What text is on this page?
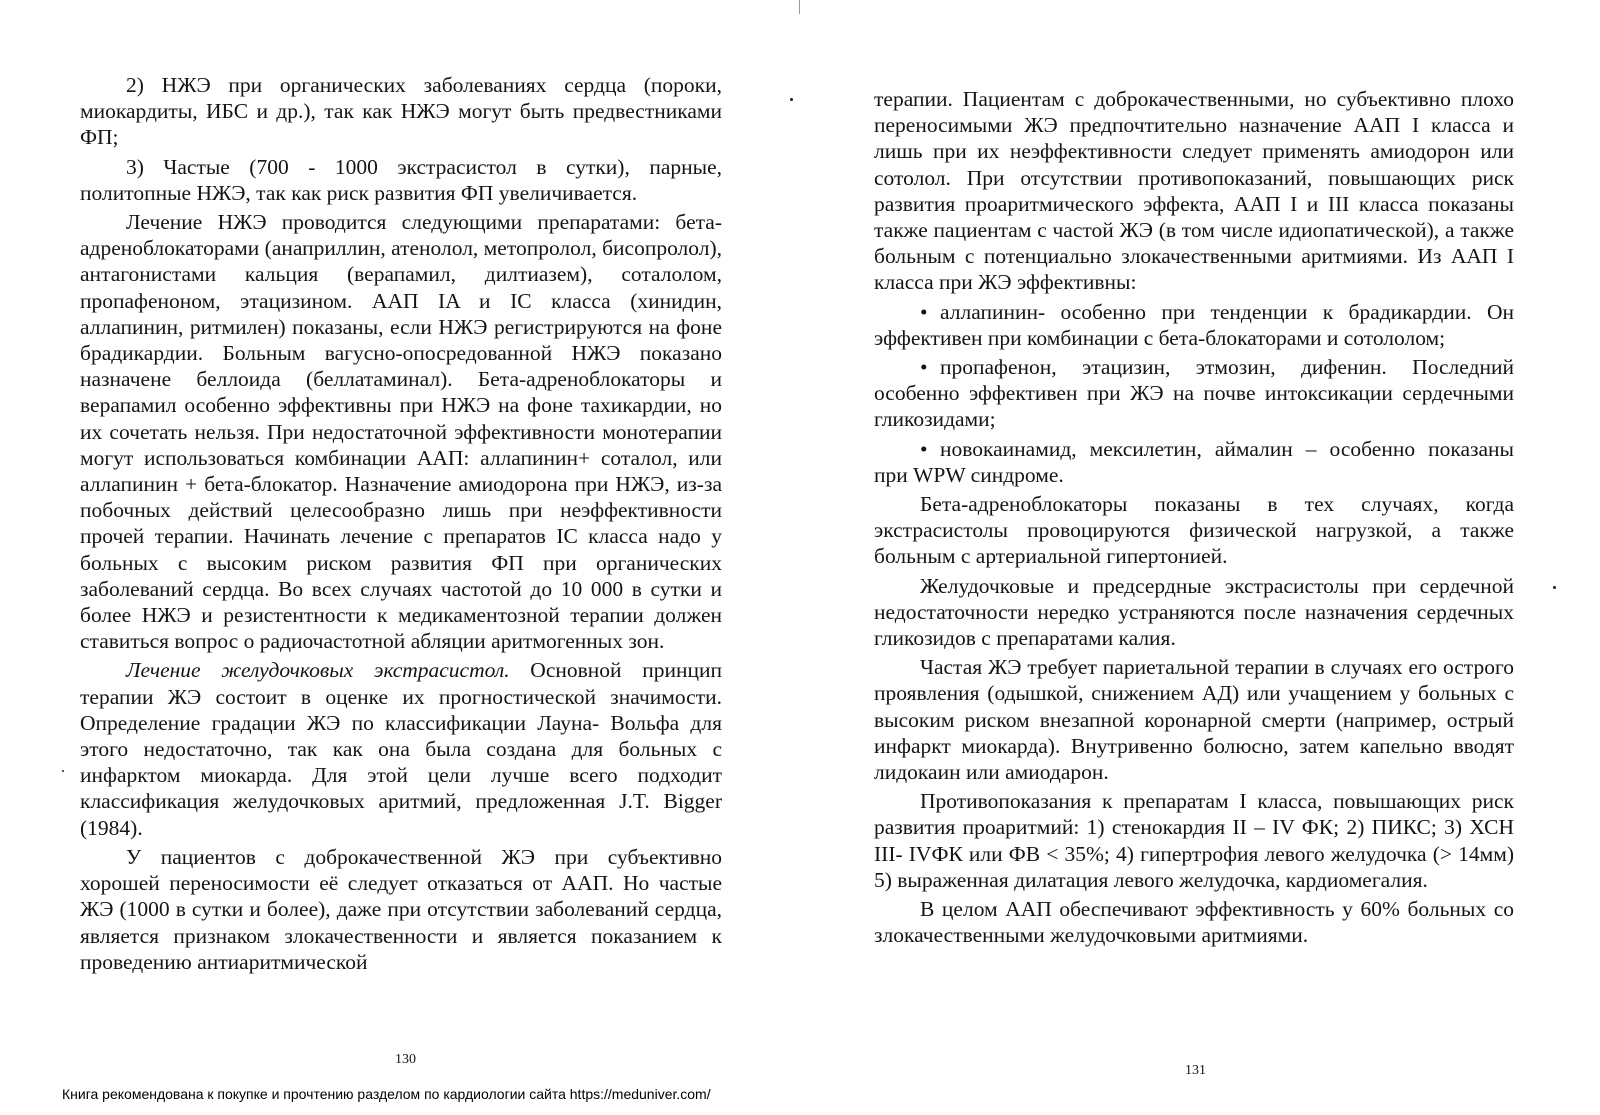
2) НЖЭ при органических заболеваниях сердца (пороки, миокардиты, ИБС и др.), так как НЖЭ могут быть предвестниками ФП;

3) Частые (700 - 1000 экстрасистол в сутки), парные, политопные НЖЭ, так как риск развития ФП увеличивается.

Лечение НЖЭ проводится следующими препаратами: бета- адреноблокаторами (анаприллин, атенолол, метопролол, бисопролол), антагонистами кальция (верапамил, дилтиазем), соталолом, пропафеноном, этацизином. ААП IA и IC класса (хинидин, аллапинин, ритмилен) показаны, если НЖЭ регистрируются на фоне брадикардии. Больным вагусно-опосредованной НЖЭ показано назначене беллоида (беллатаминал). Бета-адреноблокаторы и верапамил особенно эффективны при НЖЭ на фоне тахикардии, но их сочетать нельзя. При недостаточной эффективности монотерапии могут использоваться комбинации ААП: аллапинин+ соталол, или аллапинин + бета-блокатор. Назначение амиодорона при НЖЭ, из-за побочных действий целесообразно лишь при неэффективности прочей терапии. Начинать лечение с препаратов IC класса надо у больных с высоким риском развития ФП при органических заболеваний сердца. Во всех случаях частотой до 10 000 в сутки и более НЖЭ и резистентности к медикаментозной терапии должен ставиться вопрос о радиочастотной абляции аритмогенных зон.

Лечение желудочковых экстрасистол. Основной принцип терапии ЖЭ состоит в оценке их прогностической значимости. Определение градации ЖЭ по классификации Лауна- Вольфа для этого недостаточно, так как она была создана для больных с инфарктом миокарда. Для этой цели лучше всего подходит классификация желудочковых аритмий, предложенная J.T. Bigger (1984).

У пациентов с доброкачественной ЖЭ при субъективно хорошей переносимости её следует отказаться от ААП. Но частые ЖЭ (1000 в сутки и более), даже при отсутствии заболеваний сердца, является признаком злокачественности и является показанием к проведению антиаритмической

130

терапии. Пациентам с доброкачественными, но субъективно плохо переносимыми ЖЭ предпочтительно назначение ААП I класса и лишь при их неэффективности следует применять амиодорон или сотолол. При отсутствии противопоказаний, повышающих риск развития проаритмического эффекта, ААП I и III класса показаны также пациентам с частой ЖЭ (в том числе идиопатической), а также больным с потенциально злокачественными аритмиями. Из ААП I класса при ЖЭ эффективны:

• аллапинин- особенно при тенденции к брадикардии. Он эффективен при комбинации с бета-блокаторами и сотололом;

• пропафенон, этацизин, этмозин, дифенин. Последний особенно эффективен при ЖЭ на почве интоксикации сердечными гликозидами;

• новокаинамид, мексилетин, аймалин – особенно показаны при WPW синдроме.

Бета-адреноблокаторы показаны в тех случаях, когда экстрасистолы провоцируются физической нагрузкой, а также больным с артериальной гипертонией.

Желудочковые и предсердные экстрасистолы при сердечной недостаточности нередко устраняются после назначения сердечных гликозидов с препаратами калия.

Частая ЖЭ требует париетальной терапии в случаях его острого проявления (одышкой, снижением АД) или учащением у больных с высоким риском внезапной коронарной смерти (например, острый инфаркт миокарда). Внутривенно болюсно, затем капельно вводят лидокаин или амиодарон.

Противопоказания к препаратам I класса, повышающих риск развития проаритмий: 1) стенокардия II – IV ФК; 2) ПИКС; 3) ХСН III- IVФК или ФВ < 35%; 4) гипертрофия левого желудочка (> 14мм) 5) выраженная дилатация левого желудочка, кардиомегалия.

В целом ААП обеспечивают эффективность у 60% больных со злокачественными желудочковыми аритмиями.

131
Книга рекомендована к покупке и прочтению разделом по кардиологии сайта https://meduniver.com/
